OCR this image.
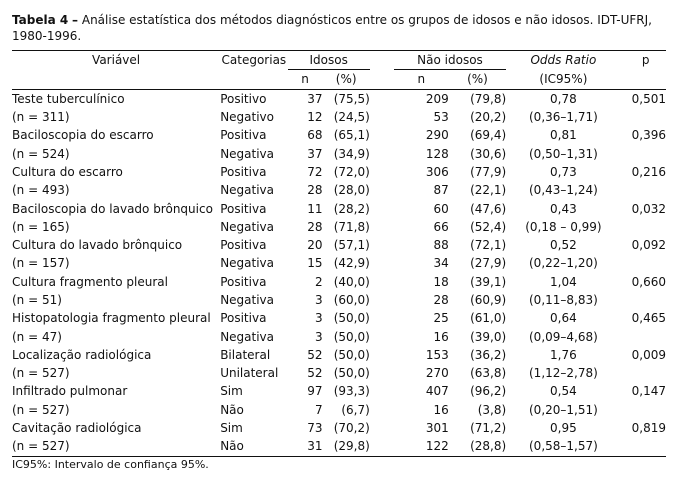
Tabela 4 – Análise estatística dos métodos diagnósticos entre os grupos de idosos e não idosos. IDT-UFRJ, 1980-1996.
Variável	Categorias	Idosos			Não idosos			Odds Ratio		p
		n	(%)		n	(%)		(IC95%)		
Teste tuberculínico	Positivo	37	(75,5)		209	(79,8)		0,78		0,501
(n = 311)	Negativo	12	(24,5)		53	(20,2)		(0,36–1,71)		
Baciloscopia do escarro	Positiva	68	(65,1)		290	(69,4)		0,81		0,396
(n = 524)	Negativa	37	(34,9)		128	(30,6)		(0,50–1,31)		
Cultura do escarro	Positiva	72	(72,0)		306	(77,9)		0,73		0,216
(n = 493)	Negativa	28	(28,0)		87	(22,1)		(0,43–1,24)		
Baciloscopia do lavado brônquico	Positiva	11	(28,2)		60	(47,6)		0,43		0,032
(n = 165)	Negativa	28	(71,8)		66	(52,4)		(0,18 – 0,99)		
Cultura do lavado brônquico	Positiva	20	(57,1)		88	(72,1)		0,52		0,092
(n = 157)	Negativa	15	(42,9)		34	(27,9)		(0,22–1,20)		
Cultura fragmento pleural	Positiva	2	(40,0)		18	(39,1)		1,04		0,660
(n = 51)	Negativa	3	(60,0)		28	(60,9)		(0,11–8,83)		
Histopatologia fragmento pleural	Positiva	3	(50,0)		25	(61,0)		0,64		0,465
(n = 47)	Negativa	3	(50,0)		16	(39,0)		(0,09–4,68)		
Localização radiológica	Bilateral	52	(50,0)		153	(36,2)		1,76		0,009
(n = 527)	Unilateral	52	(50,0)		270	(63,8)		(1,12–2,78)		
Infiltrado pulmonar	Sim	97	(93,3)		407	(96,2)		0,54		0,147
(n = 527)	Não	7	(6,7)		16	(3,8)		(0,20–1,51)		
Cavitação radiológica	Sim	73	(70,2)		301	(71,2)		0,95		0,819
(n = 527)	Não	31	(29,8)		122	(28,8)		(0,58–1,57)		
IC95%: Intervalo de confiança 95%.
